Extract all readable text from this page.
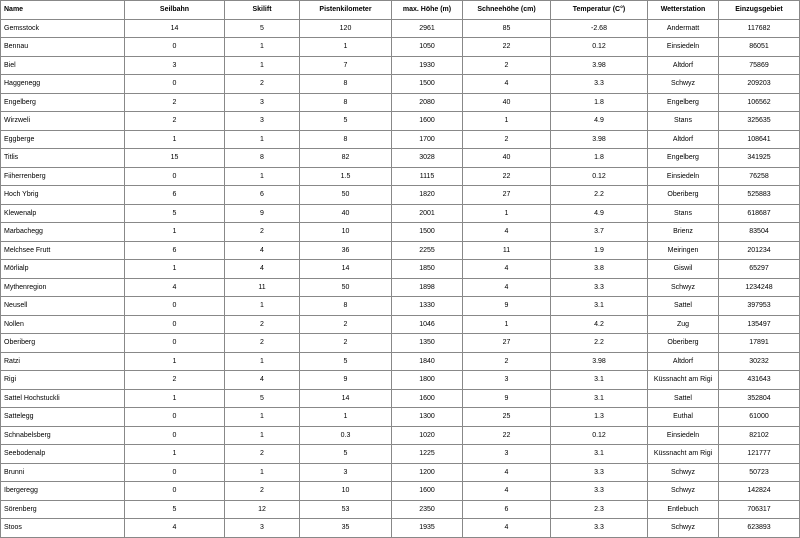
Name	Seilbahn	Skilift	Pistenkilometer	max. Höhe (m)	Schneehöhe (cm)	Temperatur (C°)	Wetterstation	Einzugsgebiet
Gemsstock	14	5	120	2961	85	-2.68	Andermatt	117682
Bennau	0	1	1	1050	22	0.12	Einsiedeln	86051
Biel	3	1	7	1930	2	3.98	Altdorf	75869
Haggenegg	0	2	8	1500	4	3.3	Schwyz	209203
Engelberg	2	3	8	2080	40	1.8	Engelberg	106562
Wirzweli	2	3	5	1600	1	4.9	Stans	325635
Eggberge	1	1	8	1700	2	3.98	Altdorf	108641
Titlis	15	8	82	3028	40	1.8	Engelberg	341925
Fiiherrenberg	0	1	1.5	1115	22	0.12	Einsiedeln	76258
Hoch Ybrig	6	6	50	1820	27	2.2	Oberiberg	525883
Klewenalp	5	9	40	2001	1	4.9	Stans	618687
Marbachegg	1	2	10	1500	4	3.7	Brienz	83504
Melchsee Frutt	6	4	36	2255	11	1.9	Meiringen	201234
Mörlialp	1	4	14	1850	4	3.8	Giswil	65297
Mythenregion	4	11	50	1898	4	3.3	Schwyz	1234248
Neusell	0	1	8	1330	9	3.1	Sattel	397953
Nollen	0	2	2	1046	1	4.2	Zug	135497
Oberiberg	0	2	2	1350	27	2.2	Oberiberg	17891
Ratzi	1	1	5	1840	2	3.98	Altdorf	30232
Rigi	2	4	9	1800	3	3.1	Küssnacht am Rigi	431643
Sattel Hochstuckli	1	5	14	1600	9	3.1	Sattel	352804
Sattelegg	0	1	1	1300	25	1.3	Euthal	61000
Schnabelsberg	0	1	0.3	1020	22	0.12	Einsiedeln	82102
Seebodenalp	1	2	5	1225	3	3.1	Küssnacht am Rigi	121777
Brunni	0	1	3	1200	4	3.3	Schwyz	50723
Ibergeregg	0	2	10	1600	4	3.3	Schwyz	142824
Sörenberg	5	12	53	2350	6	2.3	Entlebuch	706317
Stoos	4	3	35	1935	4	3.3	Schwyz	623893
